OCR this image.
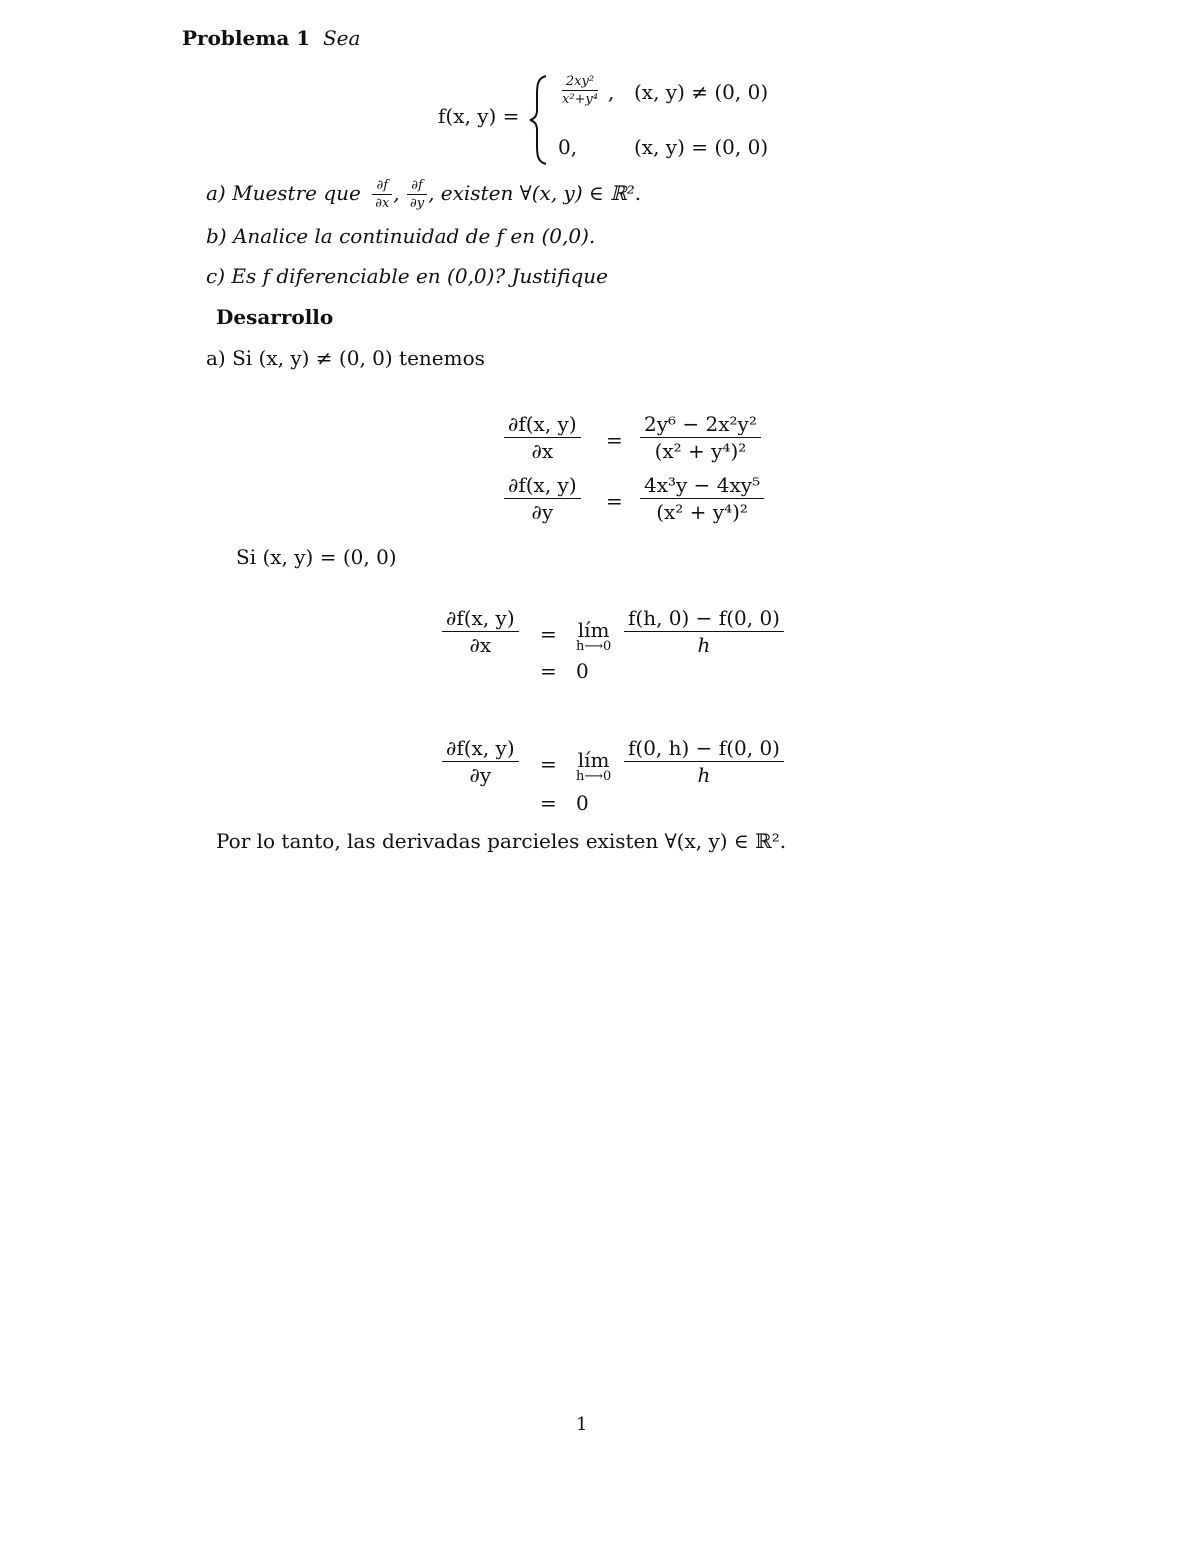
Problema 1 Sea
f(x, y) =
$\frac{\text{2xy²}}{\text{x²+y⁴}}$ , (x, y) ≠ (0, 0)
0,	(x, y) = (0, 0)
a) Muestre que $\frac{\partial f}{\partial x}$ , $\frac{\partial f}{\partial y}$ , existen ∀(x, y) ∈ ℝ².
b) Analice la continuidad de f en (0,0).
c) Es f diferenciable en (0,0)? Justifique
Desarrollo
a) Si (x, y) ≠ (0, 0) tenemos
$\frac{\partial f(x, y)}{\partial x} = \frac{\text{2y⁶ − 2x²y²}}{\text{(x² + y⁴)²}}$
$\frac{\partial f(x, y)}{\partial y} = \frac{\text{4x³y − 4xy⁵}}{\text{(x² + y⁴)²}}$
Si (x, y) = (0, 0)
$\frac{\partial f(x, y)}{\partial x}$ = lím
h⟶0 $\frac{f(h, 0) - f(0, 0)}{h}$
= 0
$\frac{\partial f(x, y)}{\partial y}$ = lím
h⟶0 $\frac{f(0, h) - f(0, 0)}{h}$
= 0
Por lo tanto, las derivadas parcieles existen ∀(x, y) ∈ ℝ².
1
